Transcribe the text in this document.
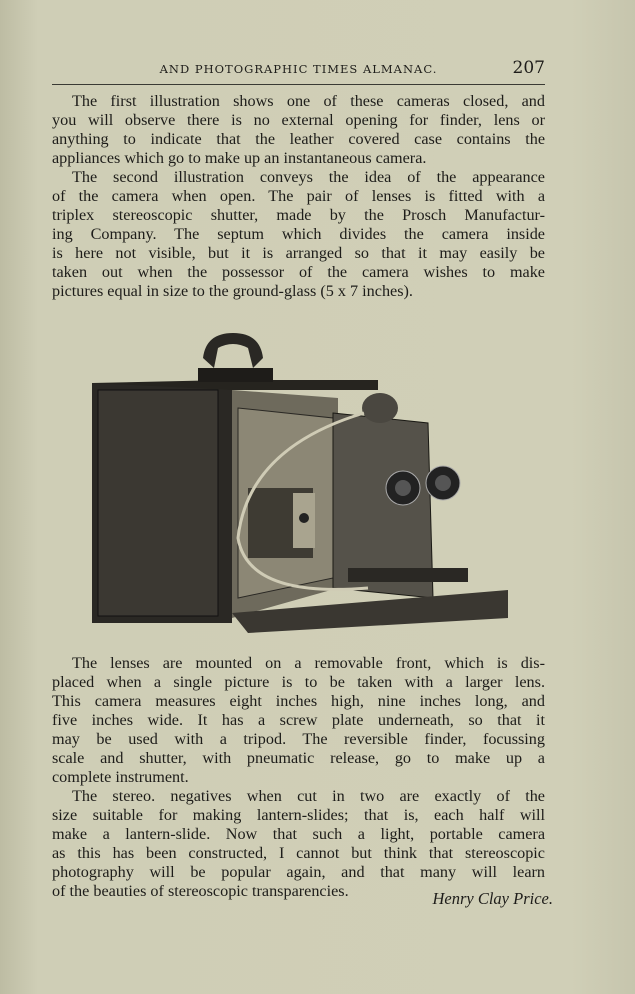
AND PHOTOGRAPHIC TIMES ALMANAC.	207
The first illustration shows one of these cameras closed, and
you will observe there is no external opening for finder, lens or
anything to indicate that the leather covered case contains the
appliances which go to make up an instantaneous camera.
The second illustration conveys the idea of the appearance
of the camera when open. The pair of lenses is fitted with a
triplex stereoscopic shutter, made by the Prosch Manufactur-
ing Company. The septum which divides the camera inside
is here not visible, but it is arranged so that it may easily be
taken out when the possessor of the camera wishes to make
pictures equal in size to the ground-glass (5 x 7 inches).
The lenses are mounted on a removable front, which is dis-
placed when a single picture is to be taken with a larger lens.
This camera measures eight inches high, nine inches long, and
five inches wide. It has a screw plate underneath, so that it
may be used with a tripod. The reversible finder, focussing
scale and shutter, with pneumatic release, go to make up a
complete instrument.
The stereo. negatives when cut in two are exactly of the
size suitable for making lantern-slides; that is, each half will
make a lantern-slide. Now that such a light, portable camera
as this has been constructed, I cannot but think that stereoscopic
photography will be popular again, and that many will learn
of the beauties of stereoscopic transparencies.	Henry Clay Price.
